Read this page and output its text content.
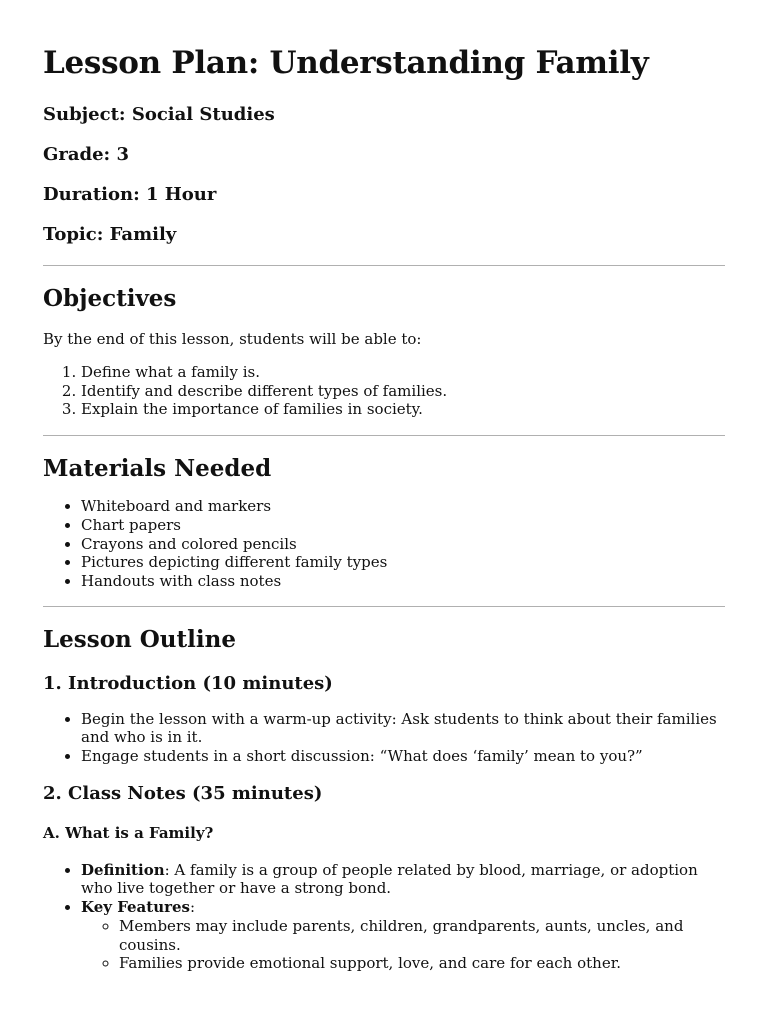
Lesson Plan: Understanding Family
Subject: Social Studies
Grade: 3
Duration: 1 Hour
Topic: Family
Objectives

By the end of this lesson, students will be able to:

1. Define what a family is.
2. Identify and describe different types of families.
3. Explain the importance of families in society.
Materials Needed
• Whiteboard and markers
• Chart papers
• Crayons and colored pencils
• Pictures depicting different family types
• Handouts with class notes
Lesson Outline
1. Introduction (10 minutes)
• Begin the lesson with a warm-up activity: Ask students to think about their families and who is in it.
• Engage students in a short discussion: “What does ‘family’ mean to you?”
2. Class Notes (35 minutes)
A. What is a Family?
• Definition: A family is a group of people related by blood, marriage, or adoption who live together or have a strong bond.
• Key Features:
◦ Members may include parents, children, grandparents, aunts, uncles, and cousins.
◦ Families provide emotional support, love, and care for each other.
